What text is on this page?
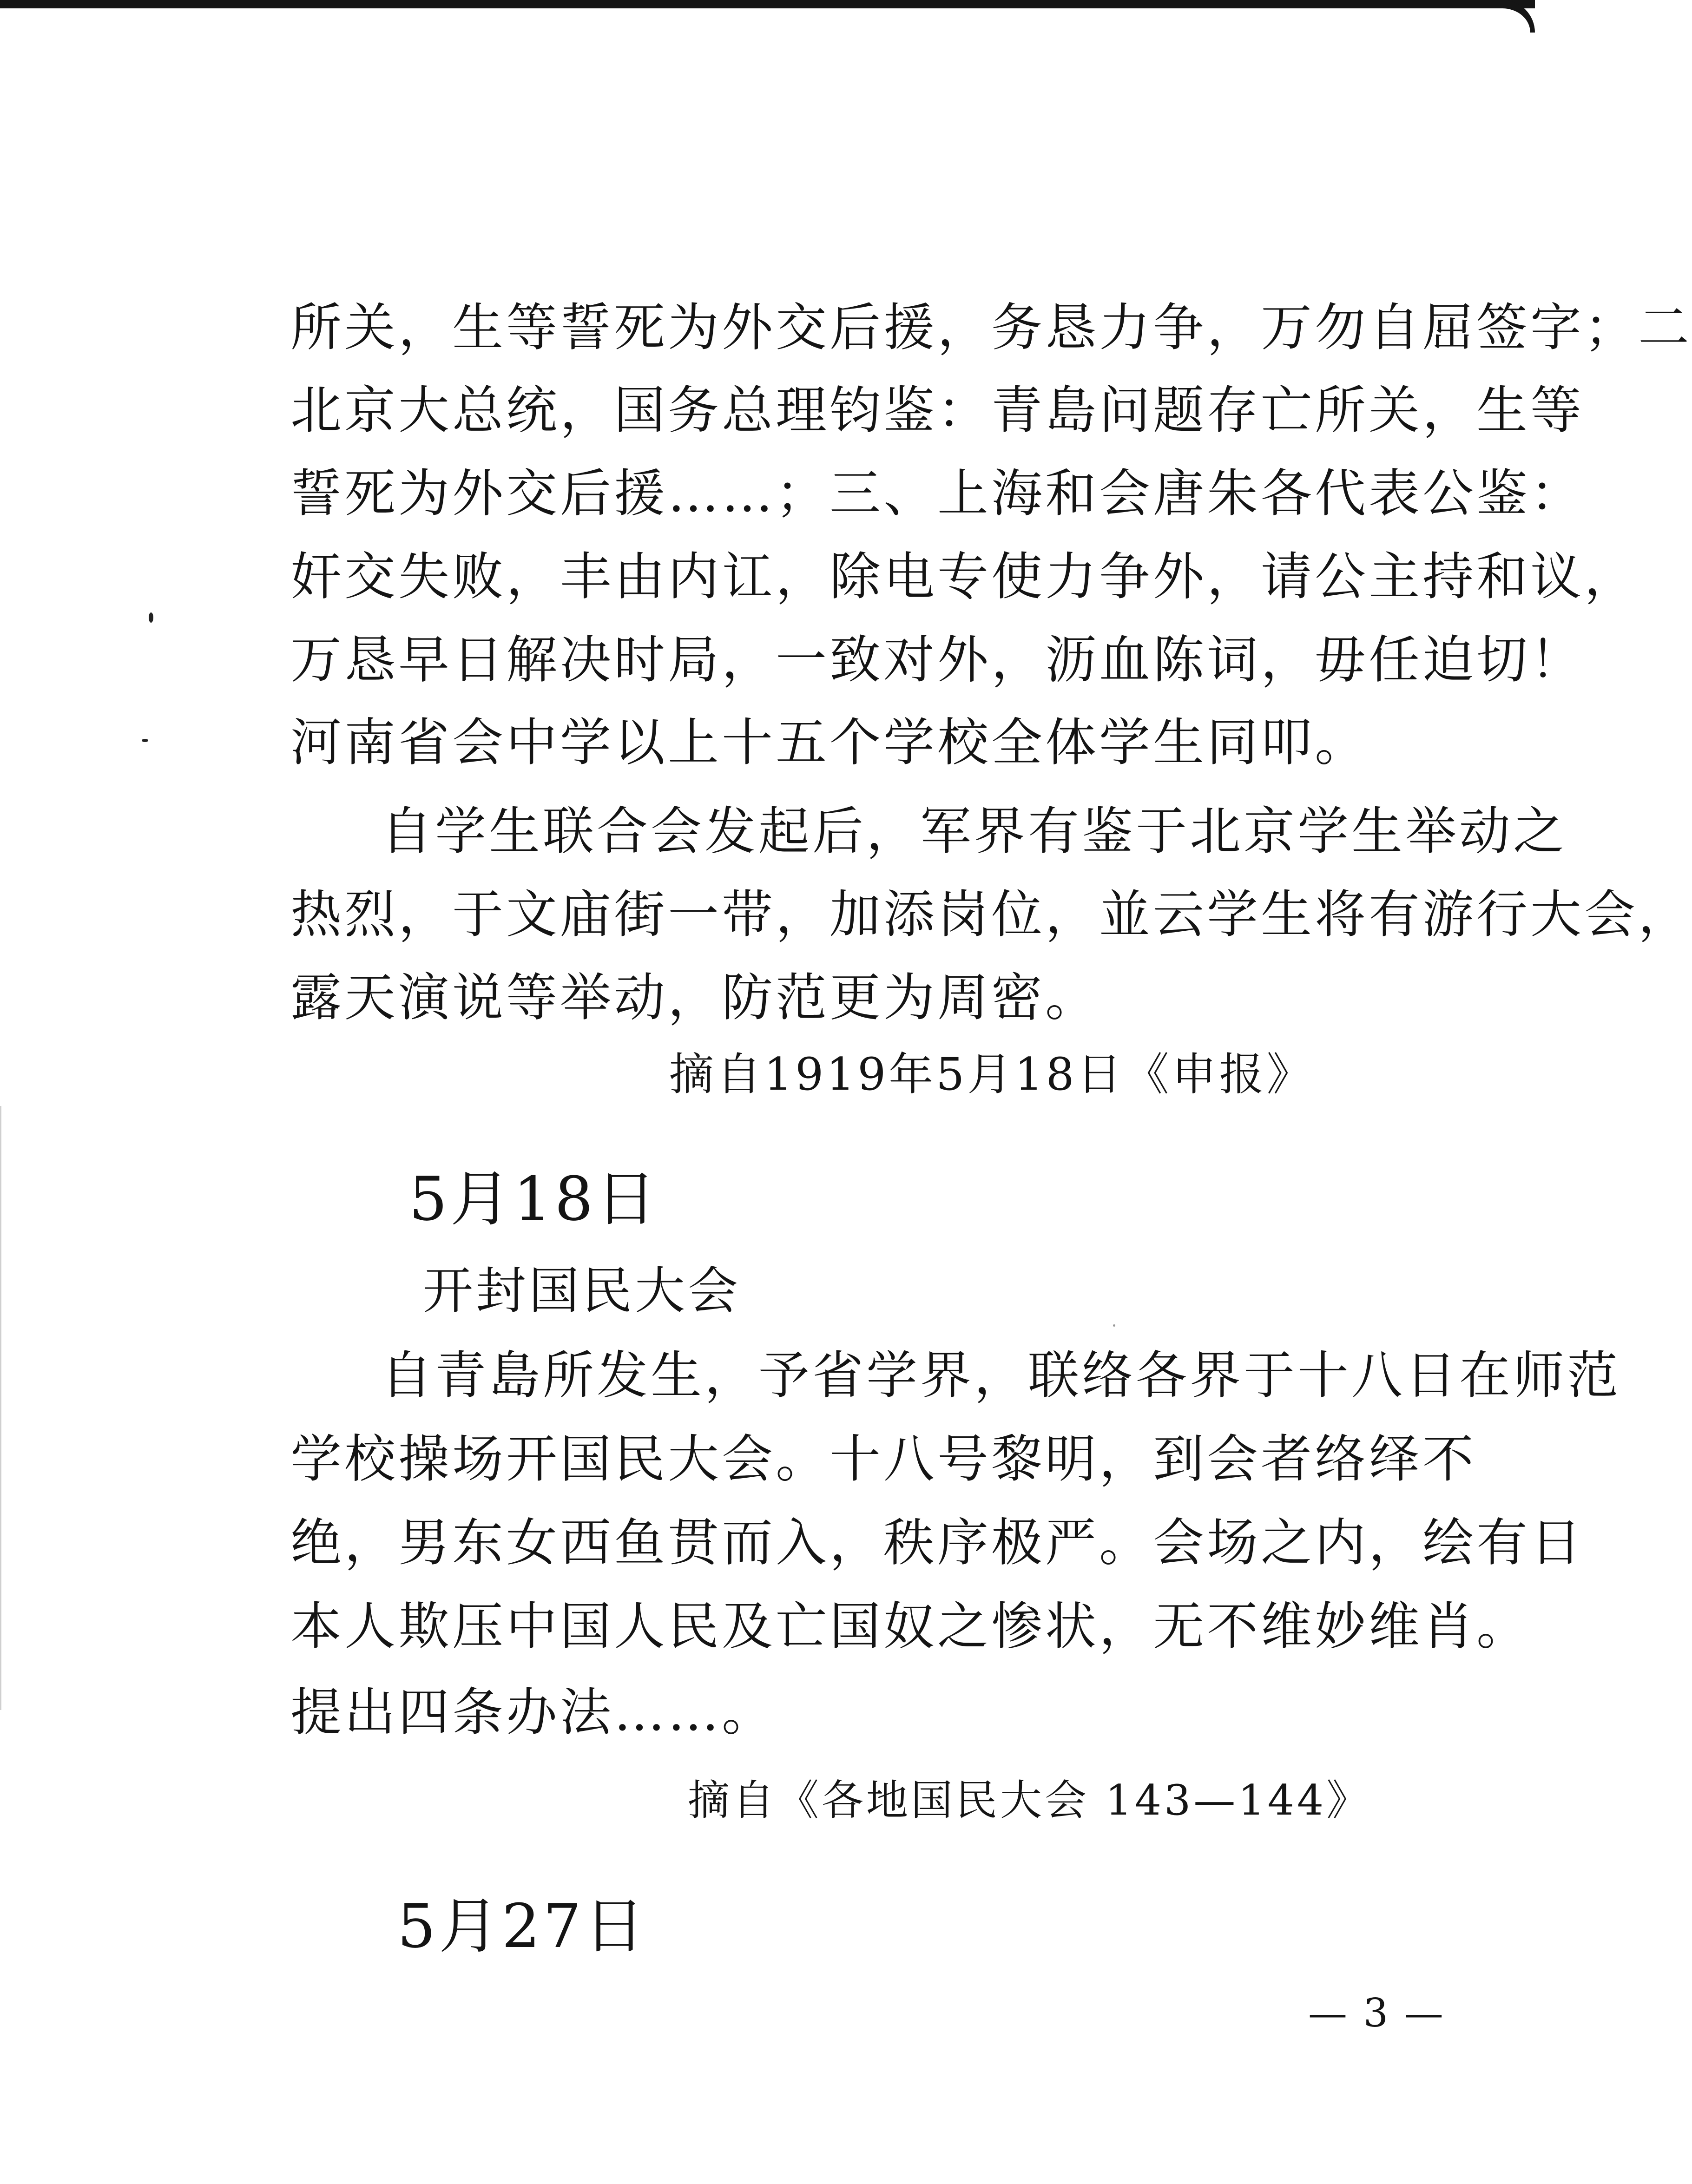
所关，生等誓死为外交后援，务恳力争，万勿自屈签字；二
北京大总统，国务总理钧鉴：青島问题存亡所关，生等
誓死为外交后援……；三、上海和会唐朱各代表公鉴：
奸交失败，丰由内讧，除电专使力争外，请公主持和议，
万恳早日解决时局，一致对外，沥血陈词，毋任迫切！
河南省会中学以上十五个学校全体学生同叩。
自学生联合会发起后，军界有鉴于北京学生举动之
热烈，于文庙街一带，加添岗位，並云学生将有游行大会，
露天演说等举动，防范更为周密。
摘自1919年5月18日《申报》
5月18日
开封国民大会
自青島所发生，予省学界，联络各界于十八日在师范
学校操场开国民大会。十八号黎明，到会者络绎不
绝，男东女西鱼贯而入，秩序极严。会场之内，绘有日
本人欺压中国人民及亡国奴之惨状，无不维妙维肖。
提出四条办法……。
摘自《各地国民大会 143—144》
5月27日
— 3 —
